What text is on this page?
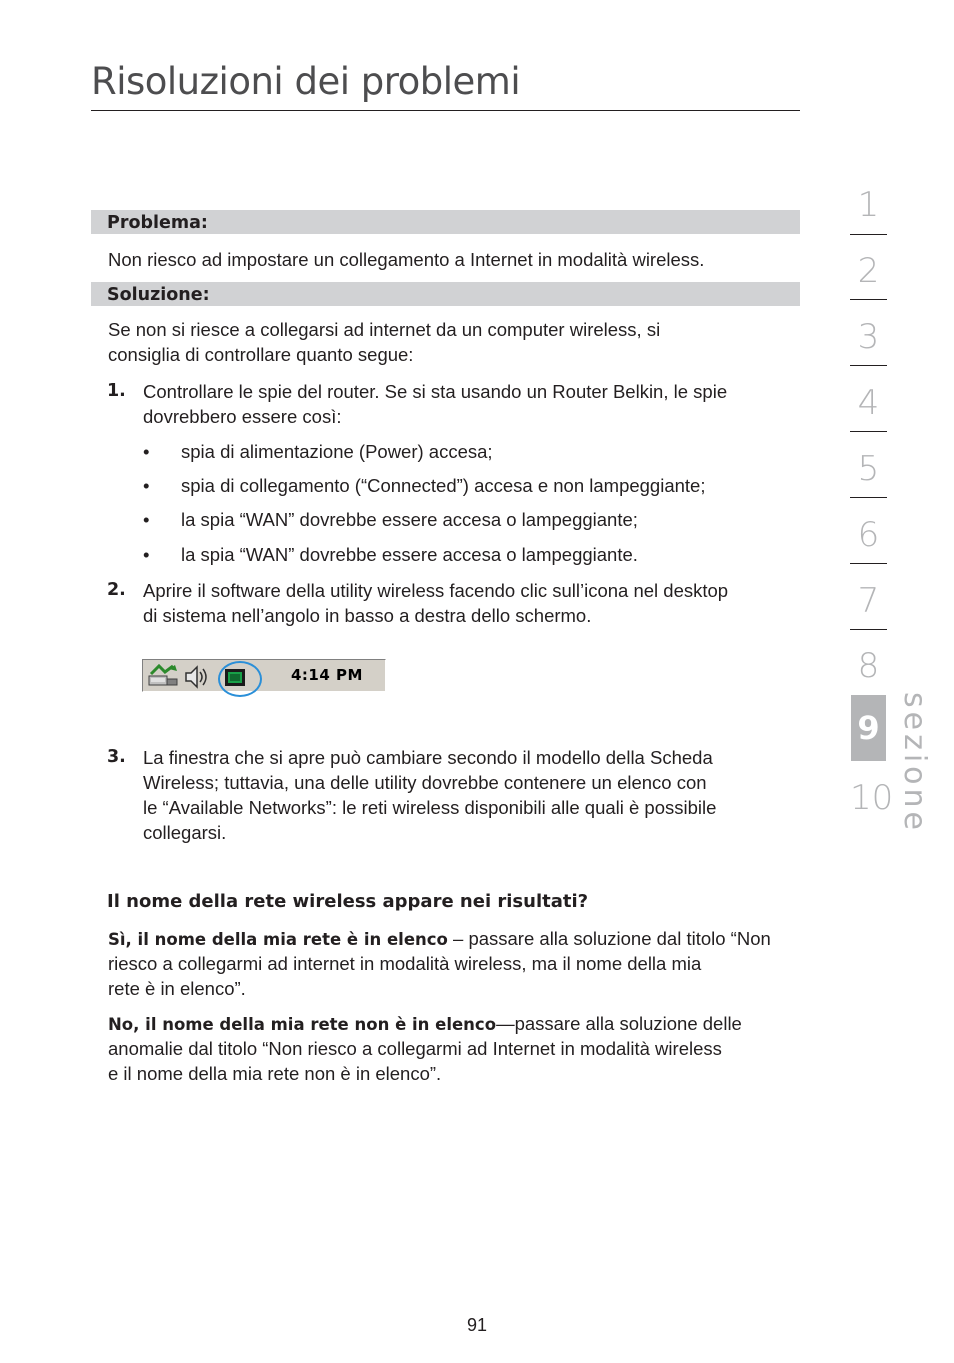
Risoluzioni dei problemi
Problema:

Non riesco ad impostare un collegamento a Internet in modalità wireless.

Soluzione:

Se non si riesce a collegarsi ad internet da un computer wireless, si

consiglia di controllare quanto segue:

1. Controllare le spie del router. Se si sta usando un Router Belkin, le spie

dovrebbero essere così:

• spia di alimentazione (Power) accesa;

• spia di collegamento (“Connected”) accesa e non lampeggiante;

• la spia “WAN” dovrebbe essere accesa o lampeggiante;

• la spia “WAN” dovrebbe essere accesa o lampeggiante.

2. Aprire il software della utility wireless facendo clic sull’icona nel desktop

di sistema nell’angolo in basso a destra dello schermo.

4:14 PM
3. La finestra che si apre può cambiare secondo il modello della Scheda

Wireless; tuttavia, una delle utility dovrebbe contenere un elenco con

le “Available Networks”: le reti wireless disponibili alle quali è possibile

collegarsi.

Il nome della rete wireless appare nei risultati?

Sì, il nome della mia rete è in elenco – passare alla soluzione dal titolo “Non

riesco a collegarmi ad internet in modalità wireless, ma il nome della mia

rete è in elenco”.

No, il nome della mia rete non è in elenco—passare alla soluzione delle

anomalie dal titolo “Non riesco a collegarmi ad Internet in modalità wireless

e il nome della mia rete non è in elenco”.

1
2
3
4
5
6
7
8
9
10 sezione
91
